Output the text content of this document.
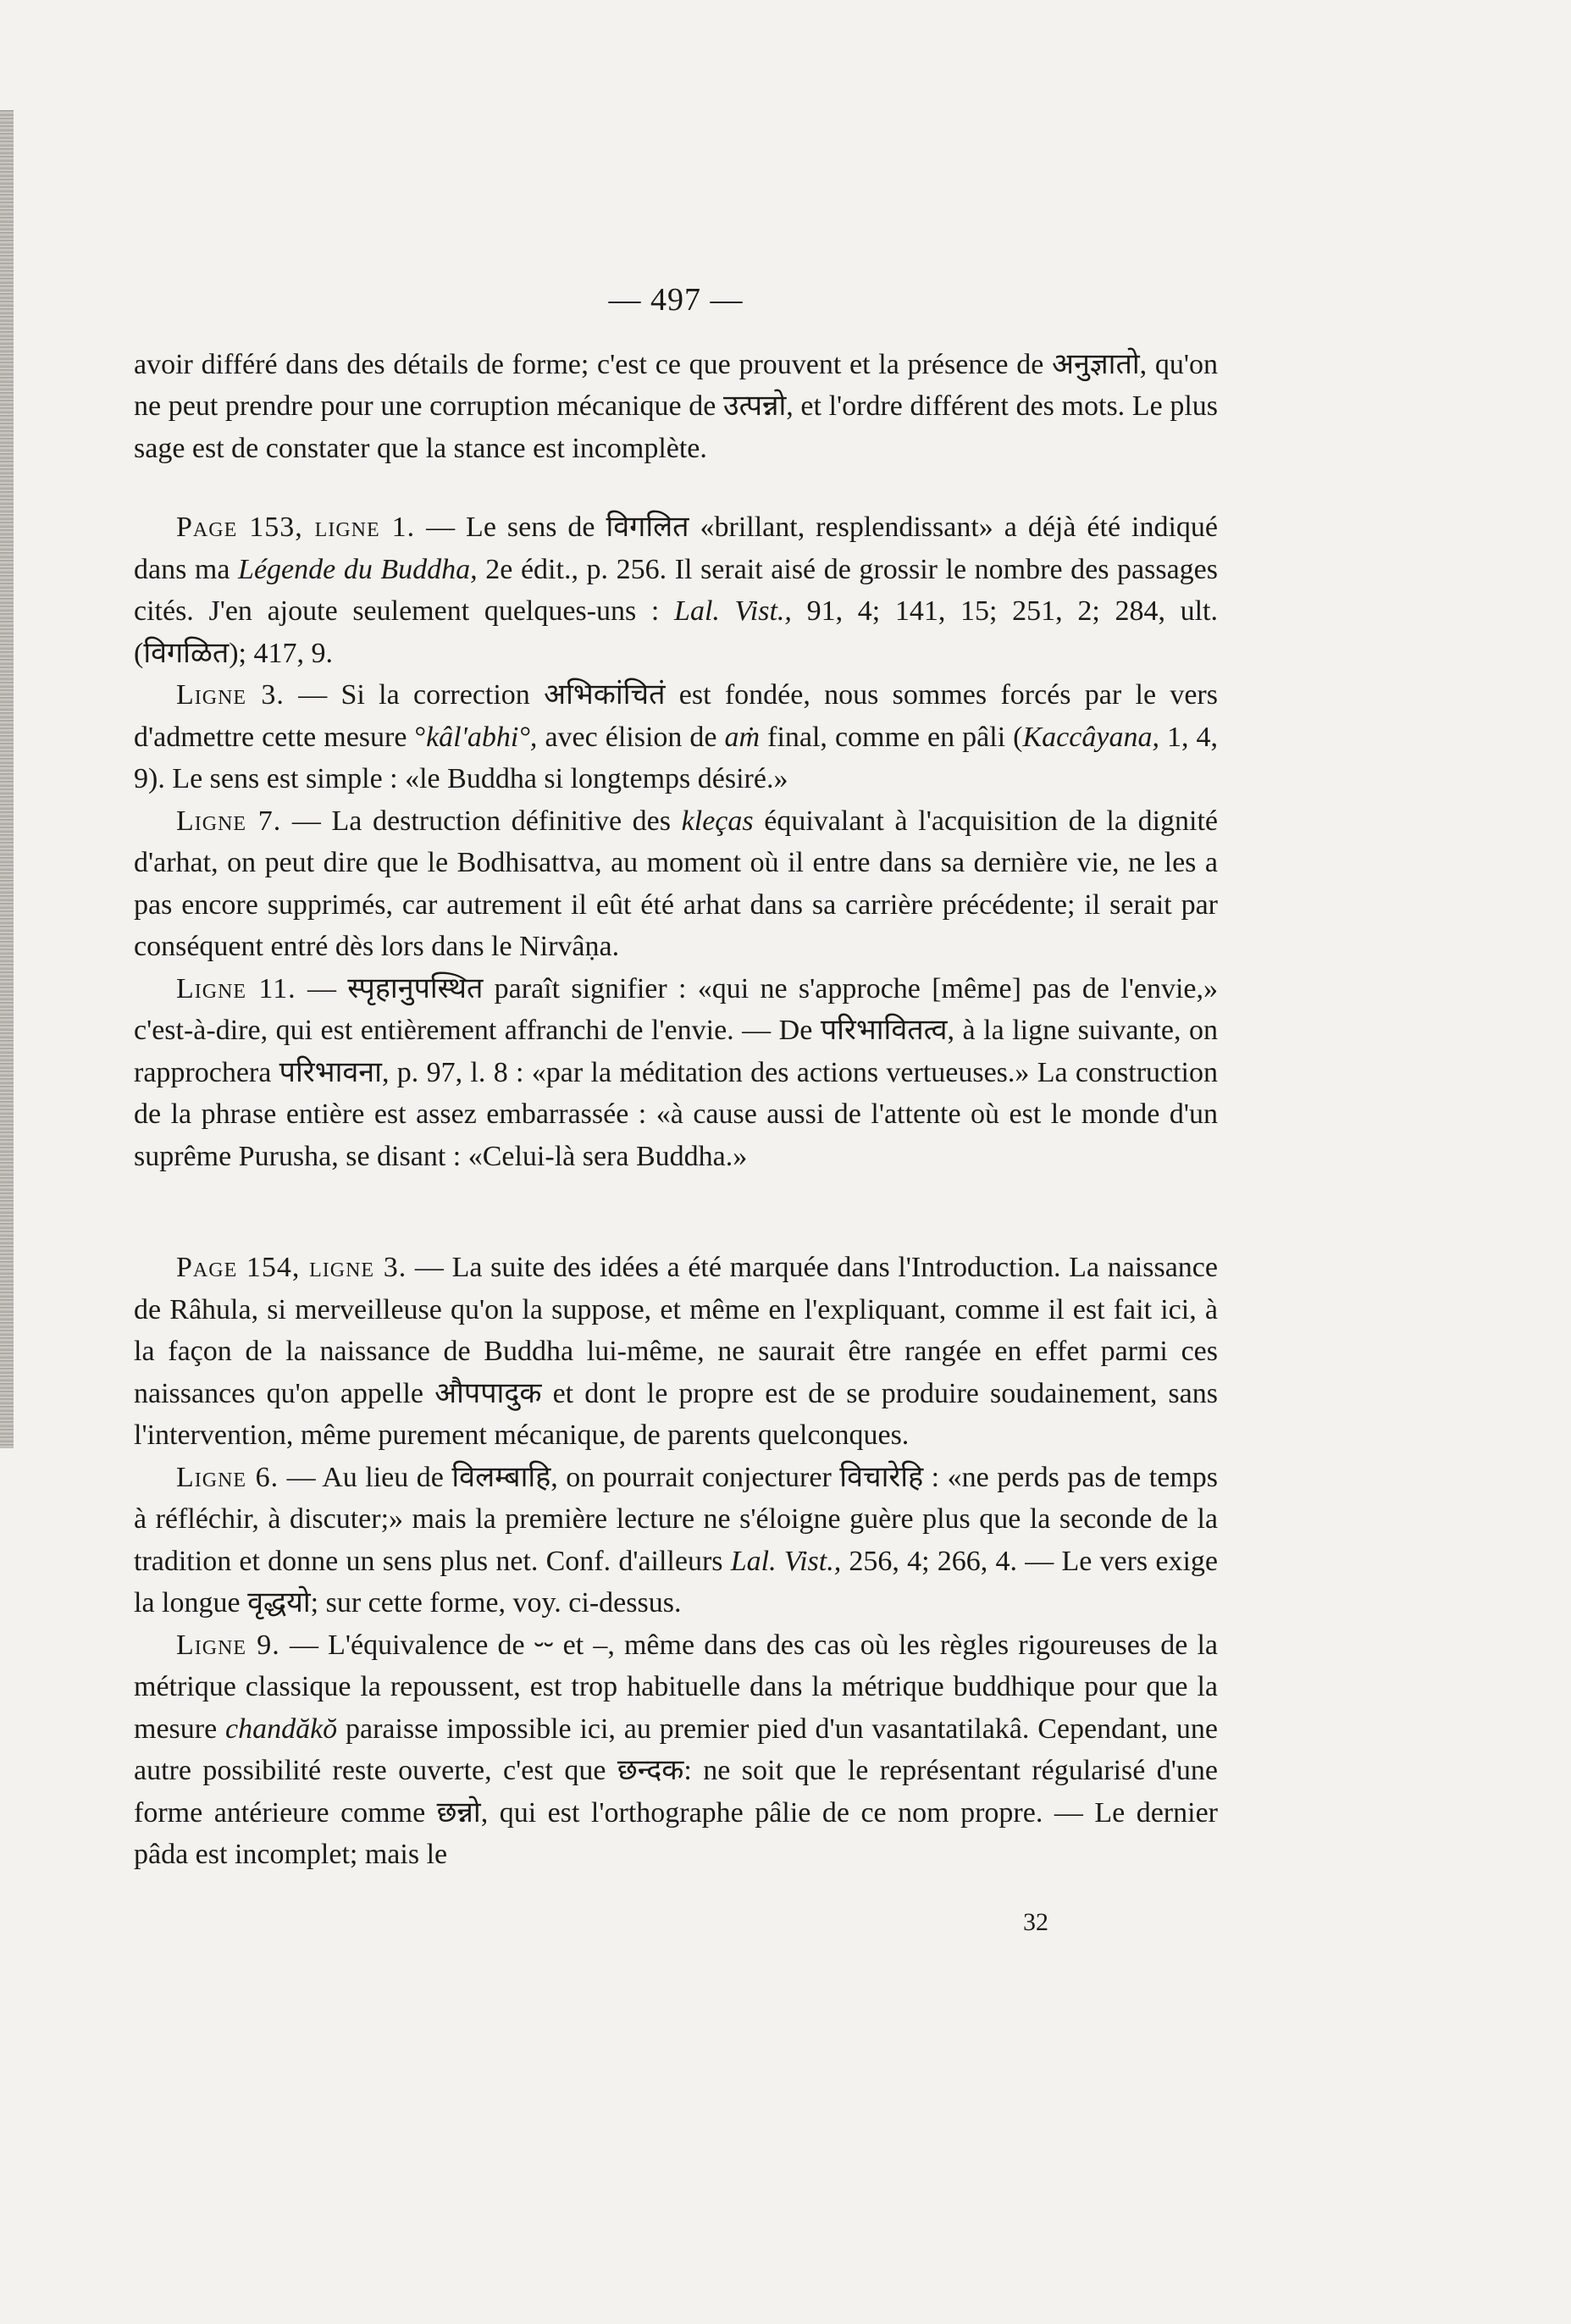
— 497 —

avoir différé dans des détails de forme; c'est ce que prouvent et la présence de अनुज्ञातो, qu'on ne peut prendre pour une corruption mécanique de उत्पन्नो, et l'ordre différent des mots. Le plus sage est de constater que la stance est incomplète.

Page 153, ligne 1. — Le sens de विगलित «brillant, resplendissant» a déjà été indiqué dans ma Légende du Buddha, 2e édit., p. 256. Il serait aisé de grossir le nombre des passages cités. J'en ajoute seulement quelques-uns : Lal. Vist., 91, 4; 141, 15; 251, 2; 284, ult. (विगळित); 417, 9.

Ligne 3. — Si la correction अभिकांचितं est fondée, nous sommes forcés par le vers d'admettre cette mesure °kâl'abhi°, avec élision de aṁ final, comme en pâli (Kaccâyana, 1, 4, 9). Le sens est simple : «le Buddha si longtemps désiré.»

Ligne 7. — La destruction définitive des kleças équivalant à l'acquisition de la dignité d'arhat, on peut dire que le Bodhisattva, au moment où il entre dans sa dernière vie, ne les a pas encore supprimés, car autrement il eût été arhat dans sa carrière précédente; il serait par conséquent entré dès lors dans le Nirvâṇa.

Ligne 11. — स्पृहानुपस्थित paraît signifier : «qui ne s'approche [même] pas de l'envie,» c'est-à-dire, qui est entièrement affranchi de l'envie. — De परिभावितत्व, à la ligne suivante, on rapprochera परिभावना, p. 97, l. 8 : «par la méditation des actions vertueuses.» La construction de la phrase entière est assez embarrassée : «à cause aussi de l'attente où est le monde d'un suprême Purusha, se disant : «Celui-là sera Buddha.»

Page 154, ligne 3. — La suite des idées a été marquée dans l'Introduction. La naissance de Râhula, si merveilleuse qu'on la suppose, et même en l'expliquant, comme il est fait ici, à la façon de la naissance de Buddha lui-même, ne saurait être rangée en effet parmi ces naissances qu'on appelle औपपादुक et dont le propre est de se produire soudainement, sans l'intervention, même purement mécanique, de parents quelconques.

Ligne 6. — Au lieu de विलम्बाहि, on pourrait conjecturer विचारेहि : «ne perds pas de temps à réfléchir, à discuter;» mais la première lecture ne s'éloigne guère plus que la seconde de la tradition et donne un sens plus net. Conf. d'ailleurs Lal. Vist., 256, 4; 266, 4. — Le vers exige la longue वृद्धयो; sur cette forme, voy. ci-dessus.

Ligne 9. — L'équivalence de ⏑⏑ et –, même dans des cas où les règles rigoureuses de la métrique classique la repoussent, est trop habituelle dans la métrique buddhique pour que la mesure chandăkŏ paraisse impossible ici, au premier pied d'un vasantatilakâ. Cependant, une autre possibilité reste ouverte, c'est que छन्दक: ne soit que le représentant régularisé d'une forme antérieure comme छन्नो, qui est l'orthographe pâlie de ce nom propre. — Le dernier pâda est incomplet; mais le

32
